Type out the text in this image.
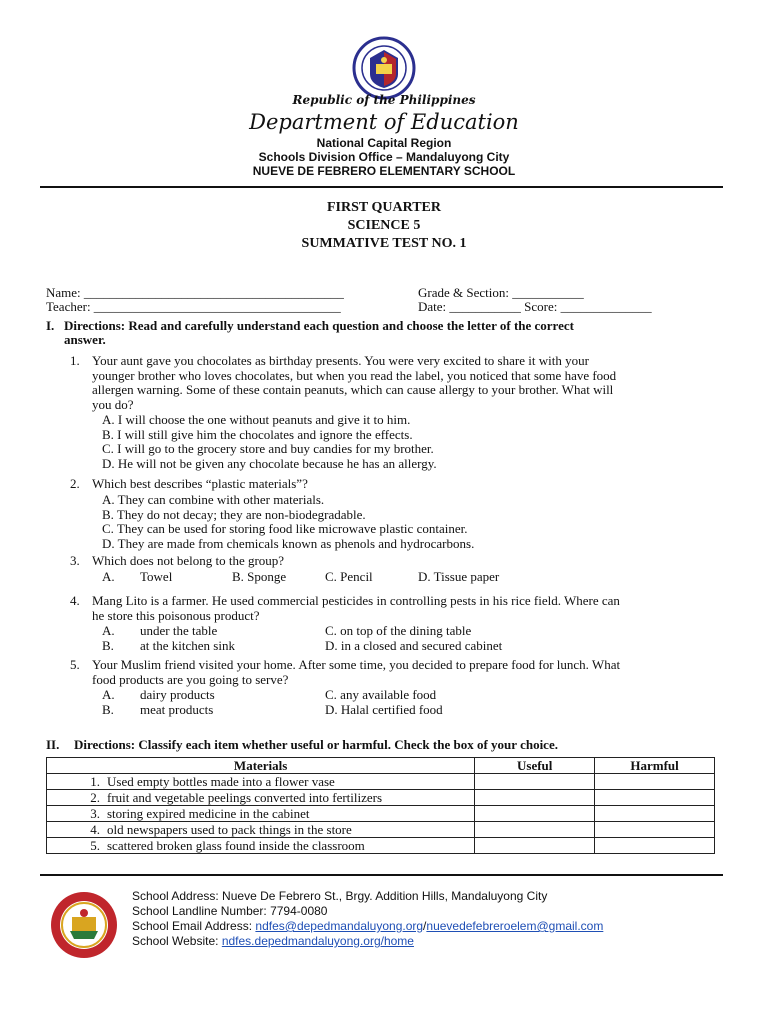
Republic of the Philippines
Department of Education
National Capital Region
Schools Division Office – Mandaluyong City
NUEVE DE FEBRERO ELEMENTARY SCHOOL
FIRST QUARTER
SCIENCE 5
SUMMATIVE TEST NO. 1
Name: ________________________________________
Teacher: ______________________________________
Grade & Section: ___________
Date: ___________ Score: ______________
I. Directions: Read and carefully understand each question and choose the letter of the correct
answer.
1. Your aunt gave you chocolates as birthday presents. You were very excited to share it with your
younger brother who loves chocolates, but when you read the label, you noticed that some have food
allergen warning. Some of these contain peanuts, which can cause allergy to your brother. What will
you do?
A. I will choose the one without peanuts and give it to him.
B. I will still give him the chocolates and ignore the effects.
C. I will go to the grocery store and buy candies for my brother.
D. He will not be given any chocolate because he has an allergy.
2. Which best describes “plastic materials”?
A. They can combine with other materials.
B. They do not decay; they are non-biodegradable.
C. They can be used for storing food like microwave plastic container.
D. They are made from chemicals known as phenols and hydrocarbons.
3. Which does not belong to the group?
A. Towel	B. Sponge	C. Pencil	D. Tissue paper
4. Mang Lito is a farmer. He used commercial pesticides in controlling pests in his rice field. Where can
he store this poisonous product?
A. under the table	C. on top of the dining table
B. at the kitchen sink	D. in a closed and secured cabinet
5. Your Muslim friend visited your home. After some time, you decided to prepare food for lunch. What
food products are you going to serve?
A. dairy products	C. any available food
B. meat products	D. Halal certified food
II. Directions: Classify each item whether useful or harmful. Check the box of your choice.
Materials	Useful	Harmful
1. Used empty bottles made into a flower vase		
2. fruit and vegetable peelings converted into fertilizers		
3. storing expired medicine in the cabinet		
4. old newspapers used to pack things in the store		
5. scattered broken glass found inside the classroom		
School Address: Nueve De Febrero St., Brgy. Addition Hills, Mandaluyong City
School Landline Number: 7794-0080
School Email Address: ndfes@depedmandaluyong.org/nuevedefebreroelem@gmail.com
School Website: ndfes.depedmandaluyong.org/home
